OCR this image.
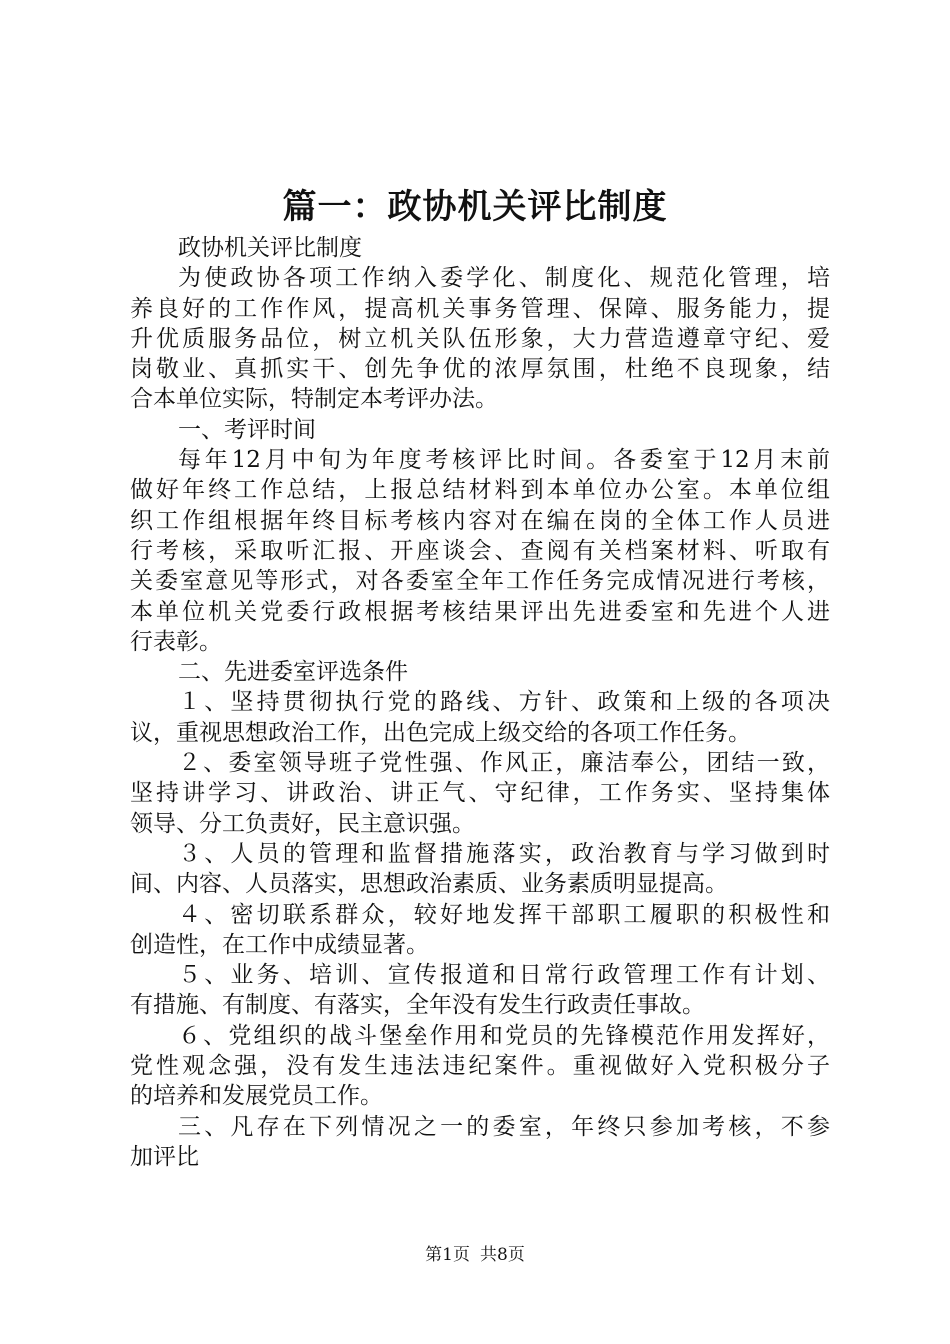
篇一：政协机关评比制度
政协机关评比制度
为使政协各项工作纳入委学化、制度化、规范化管理，培
养良好的工作作风，提高机关事务管理、保障、服务能力，提
升优质服务品位，树立机关队伍形象，大力营造遵章守纪、爱
岗敬业、真抓实干、创先争优的浓厚氛围，杜绝不良现象，结
合本单位实际，特制定本考评办法。
一、考评时间
每年12月中旬为年度考核评比时间。各委室于12月末前
做好年终工作总结，上报总结材料到本单位办公室。本单位组
织工作组根据年终目标考核内容对在编在岗的全体工作人员进
行考核，采取听汇报、开座谈会、查阅有关档案材料、听取有
关委室意见等形式，对各委室全年工作任务完成情况进行考核，
本单位机关党委行政根据考核结果评出先进委室和先进个人进
行表彰。
二、先进委室评选条件
１、坚持贯彻执行党的路线、方针、政策和上级的各项决
议，重视思想政治工作，出色完成上级交给的各项工作任务。
２、委室领导班子党性强、作风正，廉洁奉公，团结一致，
坚持讲学习、讲政治、讲正气、守纪律，工作务实、坚持集体
领导、分工负责好，民主意识强。
３、人员的管理和监督措施落实，政治教育与学习做到时
间、内容、人员落实，思想政治素质、业务素质明显提高。
４、密切联系群众，较好地发挥干部职工履职的积极性和
创造性，在工作中成绩显著。
５、业务、培训、宣传报道和日常行政管理工作有计划、
有措施、有制度、有落实，全年没有发生行政责任事故。
６、党组织的战斗堡垒作用和党员的先锋模范作用发挥好，
党性观念强，没有发生违法违纪案件。重视做好入党积极分子
的培养和发展党员工作。
三、凡存在下列情况之一的委室，年终只参加考核，不参
加评比
第1页 共8页
